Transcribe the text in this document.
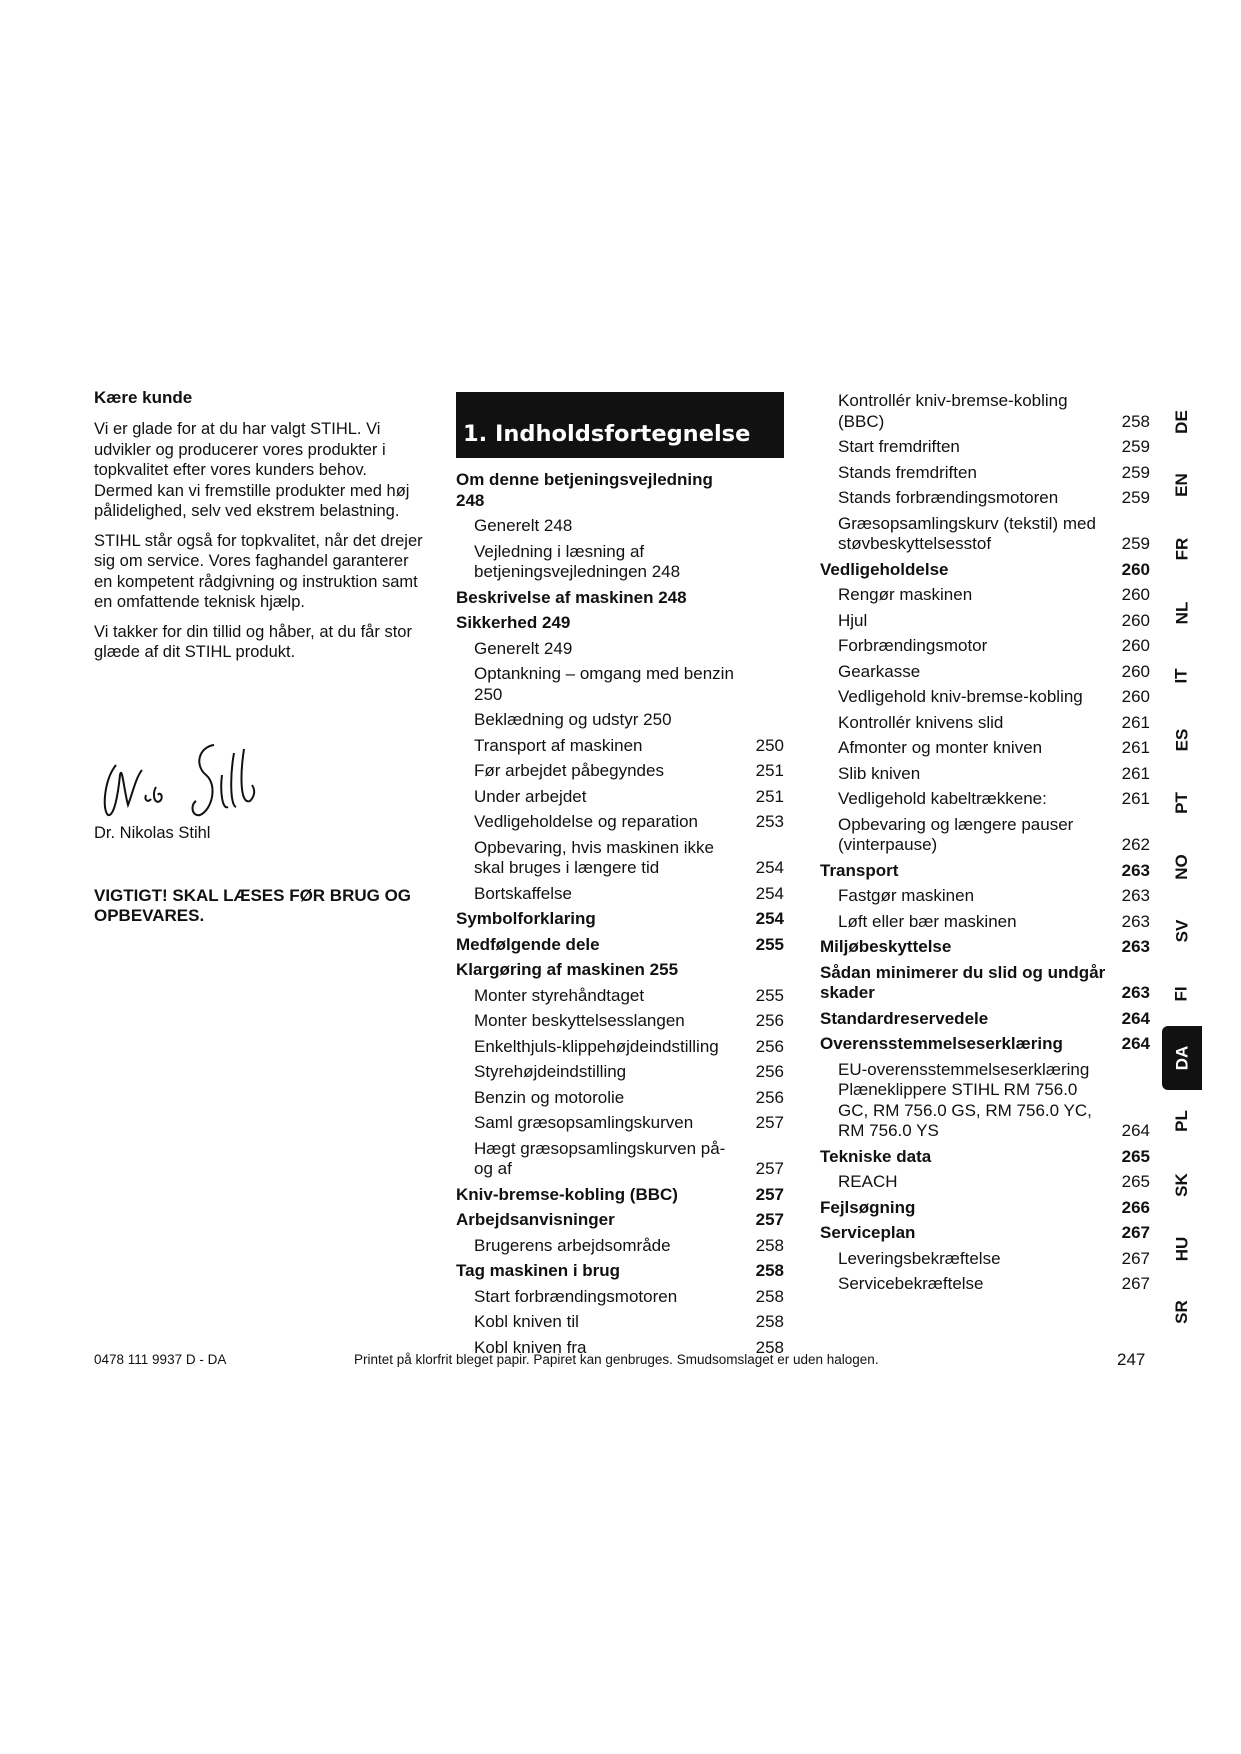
Kære kunde

Vi er glade for at du har valgt STIHL. Vi udvikler og producerer vores produkter i topkvalitet efter vores kunders behov. Dermed kan vi fremstille produkter med høj pålidelighed, selv ved ekstrem belastning.

STIHL står også for topkvalitet, når det drejer sig om service. Vores faghandel garanterer en kompetent rådgivning og instruktion samt en omfattende teknisk hjælp.

Vi takker for din tillid og håber, at du får stor glæde af dit STIHL produkt.

Dr. Nikolas Stihl
VIGTIGT! SKAL LÆSES FØR BRUG OG OPBEVARES.
1. Indholdsfortegnelse
Om denne betjeningsvejledning 248
Generelt 248
Vejledning i læsning af betjeningsvejledningen 248
Beskrivelse af maskinen 248
Sikkerhed 249
Generelt 249
Optankning – omgang med benzin 250
Beklædning og udstyr 250
Transport af maskinen	250
Før arbejdet påbegyndes	251
Under arbejdet	251
Vedligeholdelse og reparation	253
Opbevaring, hvis maskinen ikke skal bruges i længere tid	254
Bortskaffelse	254
Symbolforklaring	254
Medfølgende dele	255
Klargøring af maskinen 255
Monter styrehåndtaget	255
Monter beskyttelsesslangen	256
Enkelthjuls-klippehøjdeindstilling	256
Styrehøjdeindstilling	256
Benzin og motorolie	256
Saml græsopsamlingskurven	257
Hægt græsopsamlingskurven på- og af	257
Kniv-bremse-kobling (BBC)	257
Arbejdsanvisninger	257
Brugerens arbejdsområde	258
Tag maskinen i brug	258
Start forbrændingsmotoren	258
Kobl kniven til	258
Kobl kniven fra	258
Kontrollér kniv-bremse-kobling (BBC)	258
Start fremdriften	259
Stands fremdriften	259
Stands forbrændingsmotoren	259
Græsopsamlingskurv (tekstil) med støvbeskyttelsesstof	259
Vedligeholdelse	260
Rengør maskinen	260
Hjul	260
Forbrændingsmotor	260
Gearkasse	260
Vedligehold kniv-bremse-kobling	260
Kontrollér knivens slid	261
Afmonter og monter kniven	261
Slib kniven	261
Vedligehold kabeltrækkene:	261
Opbevaring og længere pauser (vinterpause)	262
Transport	263
Fastgør maskinen	263
Løft eller bær maskinen	263
Miljøbeskyttelse	263
Sådan minimerer du slid og undgår skader	263
Standardreservedele	264
Overensstemmelseserklæring	264
EU-overensstemmelseserklæring Plæneklippere STIHL RM 756.0 GC, RM 756.0 GS, RM 756.0 YC, RM 756.0 YS	264
Tekniske data	265
REACH	265
Fejlsøgning	266
Serviceplan	267
Leveringsbekræftelse	267
Servicebekræftelse	267
DE
EN
FR
NL
IT
ES
PT
NO
SV
FI
DA
PL
SK
HU
SR
0478 111 9937 D - DA	Printet på klorfrit bleget papir. Papiret kan genbruges. Smudsomslaget er uden halogen.	247
